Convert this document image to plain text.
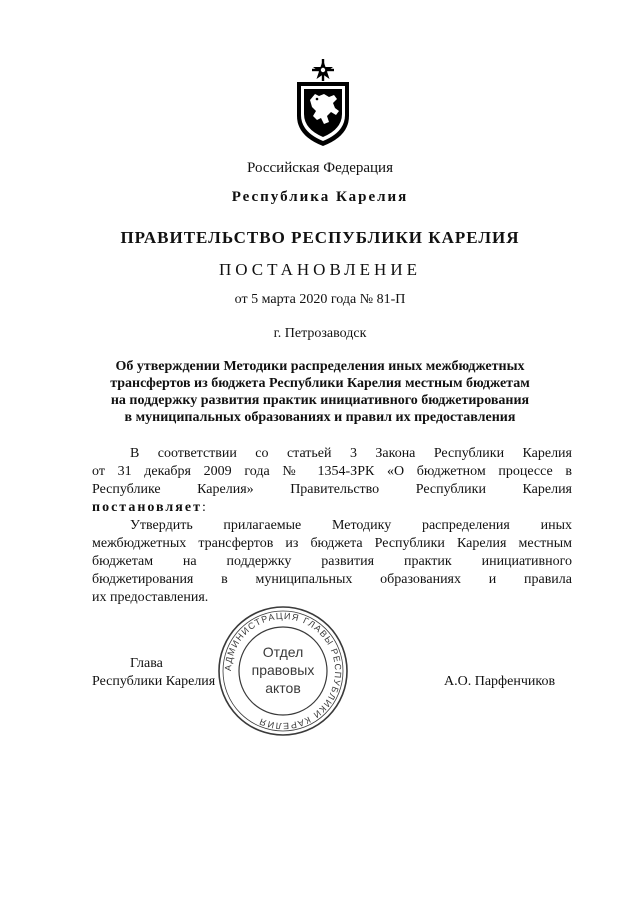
Российская Федерация
Республика Карелия
ПРАВИТЕЛЬСТВО РЕСПУБЛИКИ КАРЕЛИЯ
ПОСТАНОВЛЕНИЕ
от 5 марта 2020 года № 81-П
г. Петрозаводск
Об утверждении Методики распределения иных межбюджетных
трансфертов из бюджета Республики Карелия местным бюджетам
на поддержку развития практик инициативного бюджетирования
в муниципальных образованиях и правил их предоставления
В соответствии со статьей 3 Закона Республики Карелия
от 31 декабря 2009 года № 1354-ЗРК «О бюджетном процессе в
Республике Карелия» Правительство Республики Карелия
постановляет:
Утвердить прилагаемые Методику распределения иных
межбюджетных трансфертов из бюджета Республики Карелия местным
бюджетам на поддержку развития практик инициативного
бюджетирования в муниципальных образованиях и правила
их предоставления.
Глава
Республики Карелия	А.О. Парфенчиков
АДМИНИСТРАЦИЯ ГЛАВЫ РЕСПУБЛИКИ КАРЕЛИЯ
Отдел
правовых
актов
